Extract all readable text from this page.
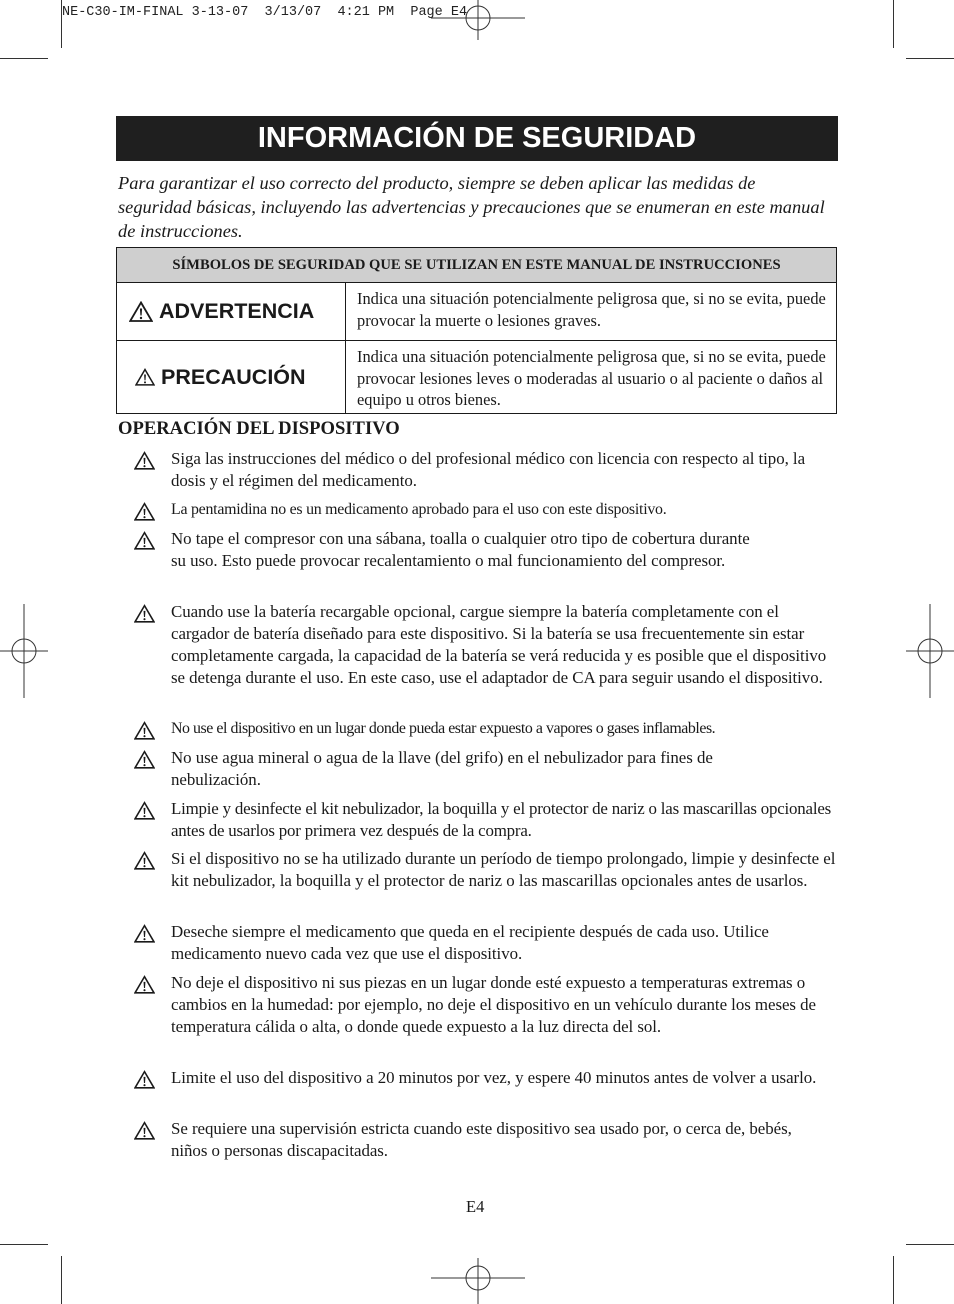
NE-C30-IM-FINAL 3-13-07  3/13/07  4:21 PM  Page E4
INFORMACIÓN DE SEGURIDAD
Para garantizar el uso correcto del producto, siempre se deben aplicar las medidas de seguridad básicas, incluyendo las advertencias y precauciones que se enumeran en este manual de instrucciones.
SÍMBOLOS DE SEGURIDAD QUE SE UTILIZAN EN ESTE MANUAL DE INSTRUCCIONES
ADVERTENCIA
Indica una situación potencialmente peligrosa que, si no se evita, puede provocar la muerte o lesiones graves.
PRECAUCIÓN
Indica una situación potencialmente peligrosa que, si no se evita, puede provocar lesiones leves o moderadas al usuario o al paciente o daños al equipo u otros bienes.
OPERACIÓN DEL DISPOSITIVO
Siga las instrucciones del médico o del profesional médico con licencia con respecto al tipo, la dosis y el régimen del medicamento.
La pentamidina no es un medicamento aprobado para el uso con este dispositivo.
No tape el compresor con una sábana, toalla o cualquier otro tipo de cobertura durante su uso. Esto puede provocar recalentamiento o mal funcionamiento del compresor.
Cuando use la batería recargable opcional, cargue siempre la batería completamente con el cargador de batería diseñado para este dispositivo. Si la batería se usa frecuentemente sin estar completamente cargada, la capacidad de la batería se verá reducida y es posible que el dispositivo se detenga durante el uso. En este caso, use el adaptador de CA para seguir usando el dispositivo.
No use el dispositivo en un lugar donde pueda estar expuesto a vapores o gases inflamables.
No use agua mineral o agua de la llave (del grifo) en el nebulizador para fines de nebulización.
Limpie y desinfecte el kit nebulizador, la boquilla y el protector de nariz o las mascarillas opcionales antes de usarlos por primera vez después de la compra.
Si el dispositivo no se ha utilizado durante un período de tiempo prolongado, limpie y desinfecte el kit nebulizador, la boquilla y el protector de nariz o las mascarillas opcionales antes de usarlos.
Deseche siempre el medicamento que queda en el recipiente después de cada uso. Utilice medicamento nuevo cada vez que use el dispositivo.
No deje el dispositivo ni sus piezas en un lugar donde esté expuesto a temperaturas extremas o cambios en la humedad: por ejemplo, no deje el dispositivo en un vehículo durante los meses de temperatura cálida o alta, o donde quede expuesto a la luz directa del sol.
Limite el uso del dispositivo a 20 minutos por vez, y espere 40 minutos antes de volver a usarlo.
Se requiere una supervisión estricta cuando este dispositivo sea usado por, o cerca de, bebés, niños o personas discapacitadas.
E4
